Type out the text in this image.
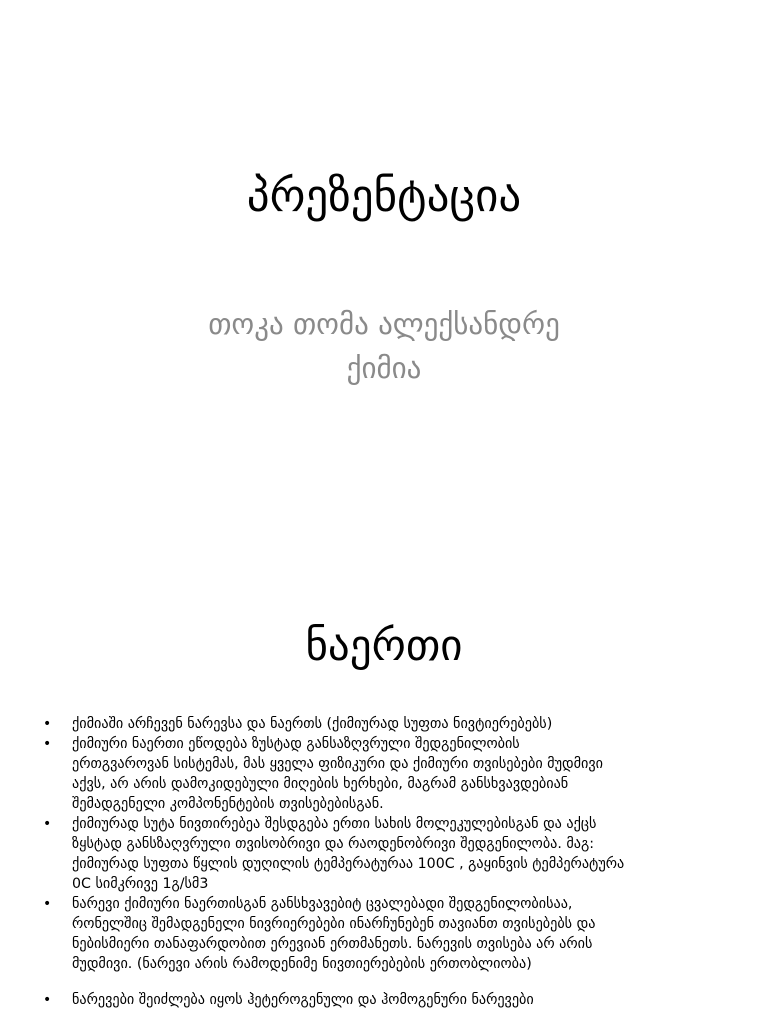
პრეზენტაცია
თოკა თომა ალექსანდრე
ქიმია
ნაერთი
• ქიმიაში არჩევენ ნარევსა და ნაერთს (ქიმიურად სუფთა ნივტიერებებს)
• ქიმიური ნაერთი ეწოდება ზუსტად განსაზღვრული შედგენილობის
ერთგვაროვან სისტემას, მას ყველა ფიზიკური და ქიმიური თვისებები მუდმივი
აქვს, არ არის დამოკიდებული მიღების ხერხები, მაგრამ განსხვავდებიან
შემადგენელი კომპონენტების თვისებებისგან.
• ქიმიურად სუტა ნივთირებეა შესდგება ერთი სახის მოლეკულებისგან და აქცს
ზყსტად განსზაღვრული თვისობრივი და რაოდენობრივი შედგენილობა. მაგ:
ქიმიურად სუფთა წყლის დუღილის ტემპერატურაა 100C , გაყინვის ტემპერატურა
0C სიმკრივე 1გ/სმ3
• ნარევი ქიმიური ნაერთისგან განსხვავებიტ ცვალებადი შედგენილობისაა,
რონელშიც შემადგენელი ნივრიერებები ინარჩუნებენ თავიანთ თვისებებს და
ნებისმიერი თანაფარდობით ერევიან ერთმანეთს. ნარევის თვისება არ არის
მუდმივი. (ნარევი არის რამოდენიმე ნივთიერებების ერთობლიობა)
• ნარევები შეიძლება იყოს ჰეტეროგენული და ჰომოგენური ნარევები
